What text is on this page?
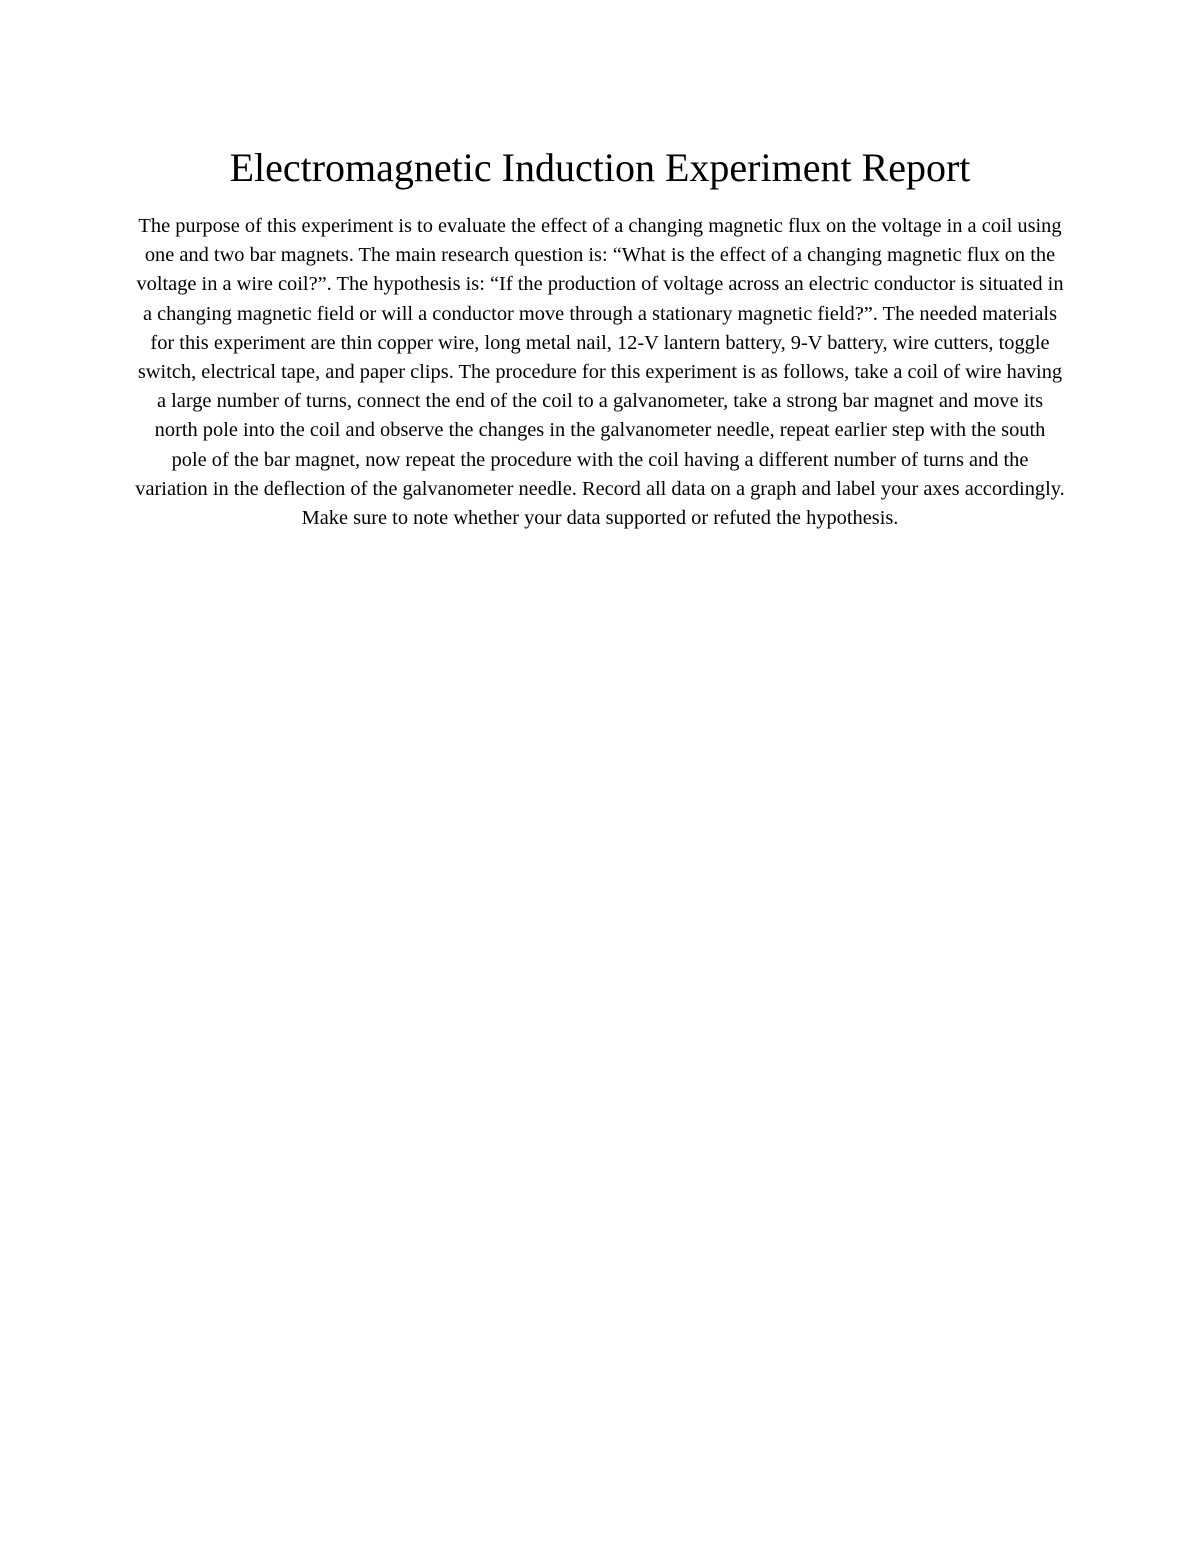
Electromagnetic Induction Experiment Report

The purpose of this experiment is to evaluate the effect of a changing magnetic flux on the voltage in a coil using one and two bar magnets. The main research question is: “What is the effect of a changing magnetic flux on the voltage in a wire coil?”. The hypothesis is: “If the production of voltage across an electric conductor is situated in a changing magnetic field or will a conductor move through a stationary magnetic field?”. The needed materials for this experiment are thin copper wire, long metal nail, 12-V lantern battery, 9-V battery, wire cutters, toggle switch, electrical tape, and paper clips. The procedure for this experiment is as follows, take a coil of wire having a large number of turns, connect the end of the coil to a galvanometer, take a strong bar magnet and move its north pole into the coil and observe the changes in the galvanometer needle, repeat earlier step with the south pole of the bar magnet, now repeat the procedure with the coil having a different number of turns and the variation in the deflection of the galvanometer needle. Record all data on a graph and label your axes accordingly. Make sure to note whether your data supported or refuted the hypothesis.
